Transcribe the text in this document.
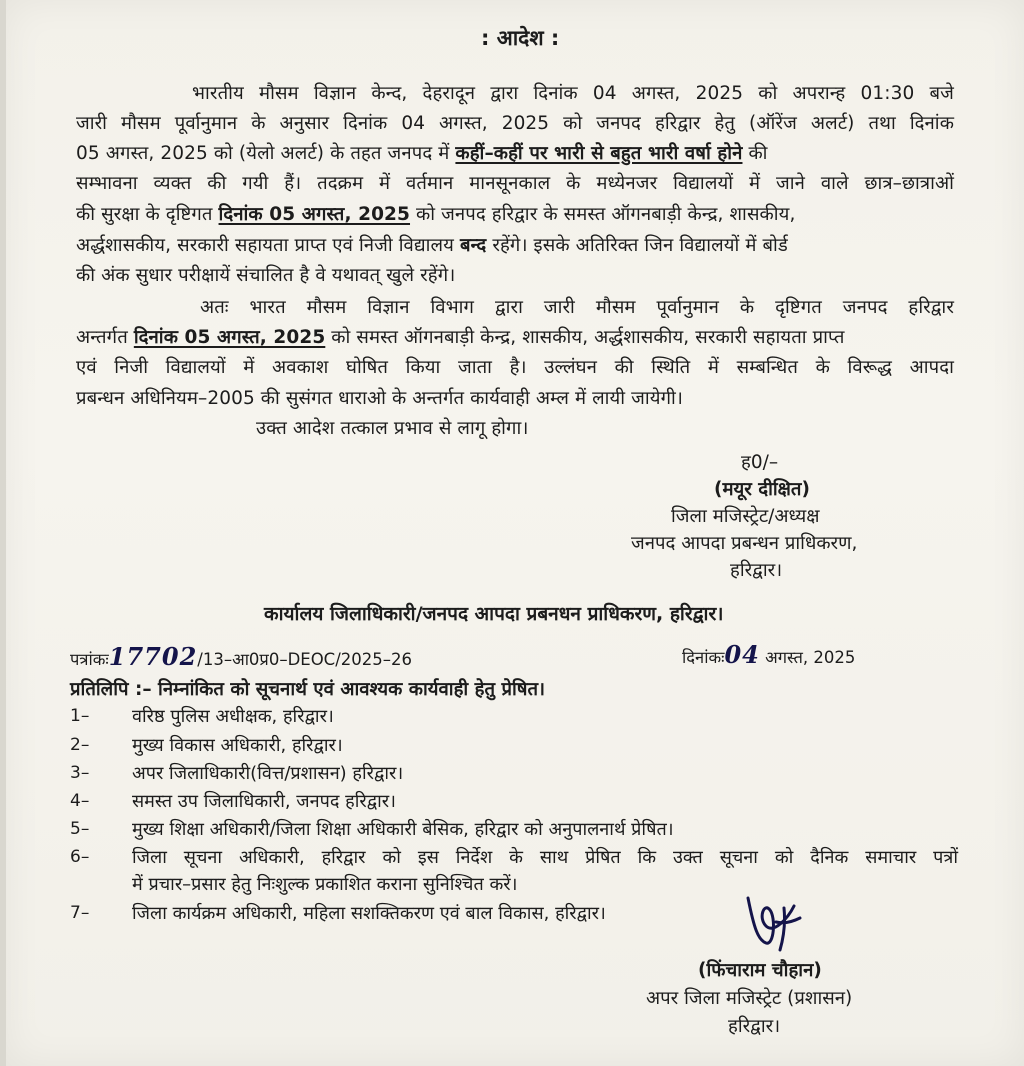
: आदेश :
भारतीय मौसम विज्ञान केन्द, देहरादून द्वारा दिनांक 04 अगस्त, 2025 को अपरान्ह 01:30 बजे
जारी मौसम पूर्वानुमान के अनुसार दिनांक 04 अगस्त, 2025 को जनपद हरिद्वार हेतु (ऑरेंज अलर्ट) तथा दिनांक
05 अगस्त, 2025 को (येलो अलर्ट) के तहत जनपद में कहीं–कहीं पर भारी से बहुत भारी वर्षा होने की
सम्भावना व्यक्त की गयी हैं। तदक्रम में वर्तमान मानसूनकाल के मध्येनजर विद्यालयों में जाने वाले छात्र–छात्राओं
की सुरक्षा के दृष्टिगत दिनांक 05 अगस्त, 2025 को जनपद हरिद्वार के समस्त ऑगनबाड़ी केन्द्र, शासकीय,
अर्द्धशासकीय, सरकारी सहायता प्राप्त एवं निजी विद्यालय बन्द रहेंगे। इसके अतिरिक्त जिन विद्यालयों में बोर्ड
की अंक सुधार परीक्षायें संचालित है वे यथावत् खुले रहेंगे।
अतः भारत मौसम विज्ञान विभाग द्वारा जारी मौसम पूर्वानुमान के दृष्टिगत जनपद हरिद्वार
अन्तर्गत दिनांक 05 अगस्त, 2025 को समस्त ऑगनबाड़ी केन्द्र, शासकीय, अर्द्धशासकीय, सरकारी सहायता प्राप्त
एवं निजी विद्यालयों में अवकाश घोषित किया जाता है। उल्लंघन की स्थिति में सम्बन्धित के विरूद्ध आपदा
प्रबन्धन अधिनियम–2005 की सुसंगत धाराओ के अन्तर्गत कार्यवाही अम्ल में लायी जायेगी।
उक्त आदेश तत्काल प्रभाव से लागू होगा।
ह0/–
(मयूर दीक्षित)
जिला मजिस्ट्रेट/अध्यक्ष
जनपद आपदा प्रबन्धन प्राधिकरण,
हरिद्वार।
कार्यालय जिलाधिकारी/जनपद आपदा प्रबनधन प्राधिकरण, हरिद्वार।
पत्रांकः17702/13–आ0प्र0–DEOC/2025–26	दिनांकः04 अगस्त, 2025
प्रतिलिपि :– निम्नांकित को सूचनार्थ एवं आवश्यक कार्यवाही हेतु प्रेषित।
1– वरिष्ठ पुलिस अधीक्षक, हरिद्वार।
2– मुख्य विकास अधिकारी, हरिद्वार।
3– अपर जिलाधिकारी(वित्त/प्रशासन) हरिद्वार।
4– समस्त उप जिलाधिकारी, जनपद हरिद्वार।
5– मुख्य शिक्षा अधिकारी/जिला शिक्षा अधिकारी बेसिक, हरिद्वार को अनुपालनार्थ प्रेषित।
6– जिला सूचना अधिकारी, हरिद्वार को इस निर्देश के साथ प्रेषित कि उक्त सूचना को दैनिक समाचार पत्रों
में प्रचार–प्रसार हेतु निःशुल्क प्रकाशित कराना सुनिश्चित करें।
7– जिला कार्यक्रम अधिकारी, महिला सशक्तिकरण एवं बाल विकास, हरिद्वार।
(फिंचाराम चौहान)
अपर जिला मजिस्ट्रेट (प्रशासन)
हरिद्वार।
